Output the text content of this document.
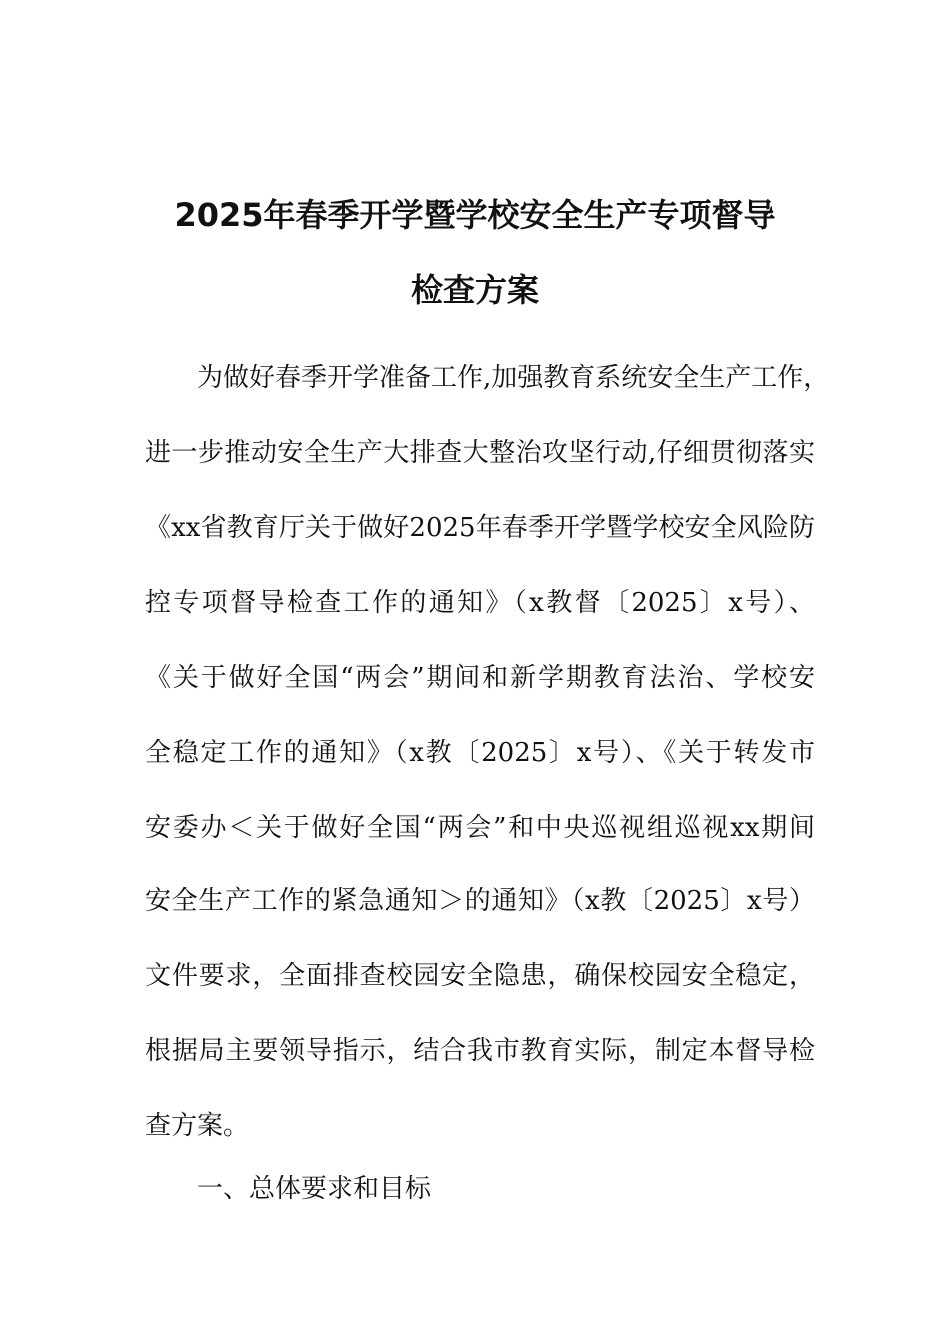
2025年春季开学暨学校安全生产专项督导
检查方案

为做好春季开学准备工作,加强教育系统安全生产工作，

进一步推动安全生产大排查大整治攻坚行动,仔细贯彻落实

《xx省教育厅关于做好2025年春季开学暨学校安全风险防

控专项督导检查工作的通知》（x教督〔2025〕x号）、

《关于做好全国“两会”期间和新学期教育法治、学校安

全稳定工作的通知》（x教〔2025〕x号）、《关于转发市

安委办＜关于做好全国“两会”和中央巡视组巡视xx期间

安全生产工作的紧急通知＞的通知》（x教〔2025〕x号）

文件要求，全面排查校园安全隐患，确保校园安全稳定，

根据局主要领导指示，结合我市教育实际，制定本督导检

查方案。

一、总体要求和目标
